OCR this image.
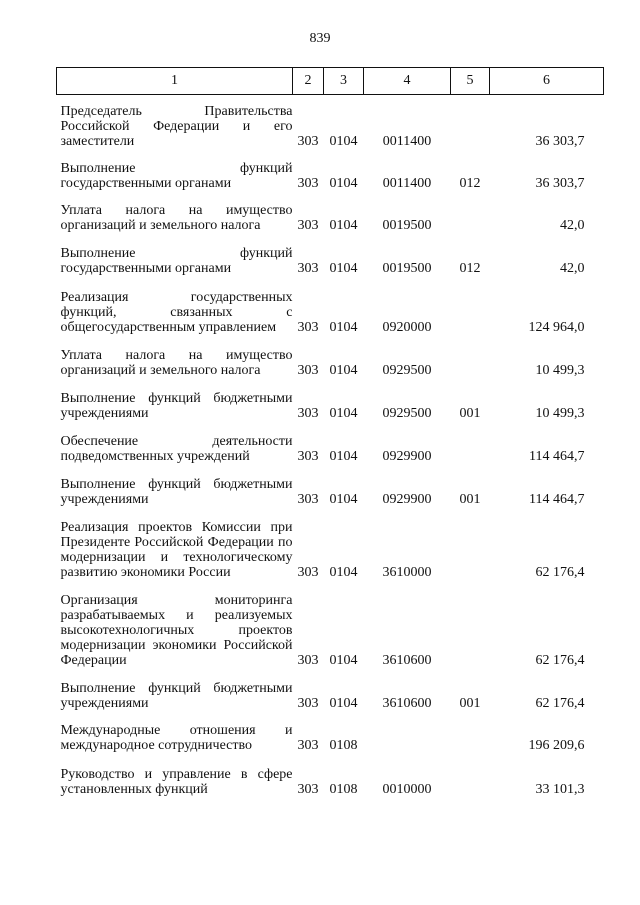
839
1	2	3	4	5	6
Председатель Правительства Российской Федерации и его заместители	303	0104	0011400		36 303,7
Выполнение функций государственными органами	303	0104	0011400	012	36 303,7
Уплата налога на имущество организаций и земельного налога	303	0104	0019500		42,0
Выполнение функций государственными органами	303	0104	0019500	012	42,0
Реализация государственных функций, связанных с общегосударственным управлением	303	0104	0920000		124 964,0
Уплата налога на имущество организаций и земельного налога	303	0104	0929500		10 499,3
Выполнение функций бюджетными учреждениями	303	0104	0929500	001	10 499,3
Обеспечение деятельности подведомственных учреждений	303	0104	0929900		114 464,7
Выполнение функций бюджетными учреждениями	303	0104	0929900	001	114 464,7
Реализация проектов Комиссии при Президенте Российской Федерации по модернизации и технологическому развитию экономики России	303	0104	3610000		62 176,4
Организация мониторинга разрабатываемых и реализуемых высокотехнологичных проектов модернизации экономики Российской Федерации	303	0104	3610600		62 176,4
Выполнение функций бюджетными учреждениями	303	0104	3610600	001	62 176,4
Международные отношения и международное сотрудничество	303	0108			196 209,6
Руководство и управление в сфере установленных функций	303	0108	0010000		33 101,3
